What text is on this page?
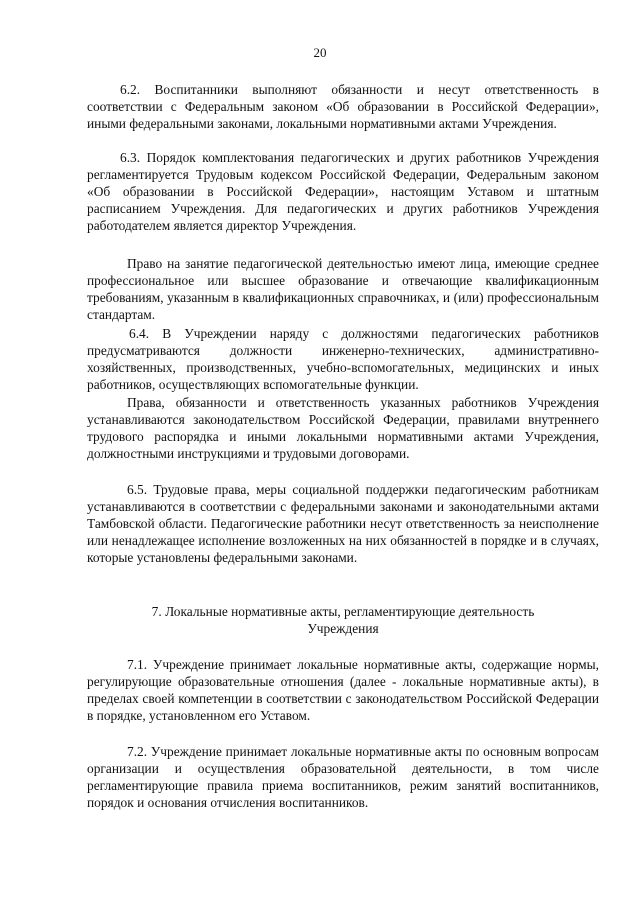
20

6.2. Воспитанники выполняют обязанности и несут ответственность в соответствии с Федеральным законом «Об образовании в Российской Федерации», иными федеральными законами, локальными нормативными актами Учреждения.

6.3. Порядок комплектования педагогических и других работников Учреждения регламентируется Трудовым кодексом Российской Федерации, Федеральным законом «Об образовании в Российской Федерации», настоящим Уставом и штатным расписанием Учреждения. Для педагогических и других работников Учреждения работодателем является директор Учреждения.

Право на занятие педагогической деятельностью имеют лица, имеющие среднее профессиональное или высшее образование и отвечающие квалификационным требованиям, указанным в квалификационных справочниках, и (или) профессиональным стандартам.

6.4. В Учреждении наряду с должностями педагогических работников предусматриваются должности инженерно-технических, административно-хозяйственных, производственных, учебно-вспомогательных, медицинских и иных работников, осуществляющих вспомогательные функции.

Права, обязанности и ответственность указанных работников Учреждения устанавливаются законодательством Российской Федерации, правилами внутреннего трудового распорядка и иными локальными нормативными актами Учреждения, должностными инструкциями и трудовыми договорами.

6.5. Трудовые права, меры социальной поддержки педагогическим работникам устанавливаются в соответствии с федеральными законами и законодательными актами Тамбовской области. Педагогические работники несут ответственность за неисполнение или ненадлежащее исполнение возложенных на них обязанностей в порядке и в случаях, которые установлены федеральными законами.

7. Локальные нормативные акты, регламентирующие деятельность
Учреждения

7.1. Учреждение принимает локальные нормативные акты, содержащие нормы, регулирующие образовательные отношения (далее - локальные нормативные акты), в пределах своей компетенции в соответствии с законодательством Российской Федерации в порядке, установленном его Уставом.

7.2. Учреждение принимает локальные нормативные акты по основным вопросам организации и осуществления образовательной деятельности, в том числе регламентирующие правила приема воспитанников, режим занятий воспитанников, порядок и основания отчисления воспитанников.
